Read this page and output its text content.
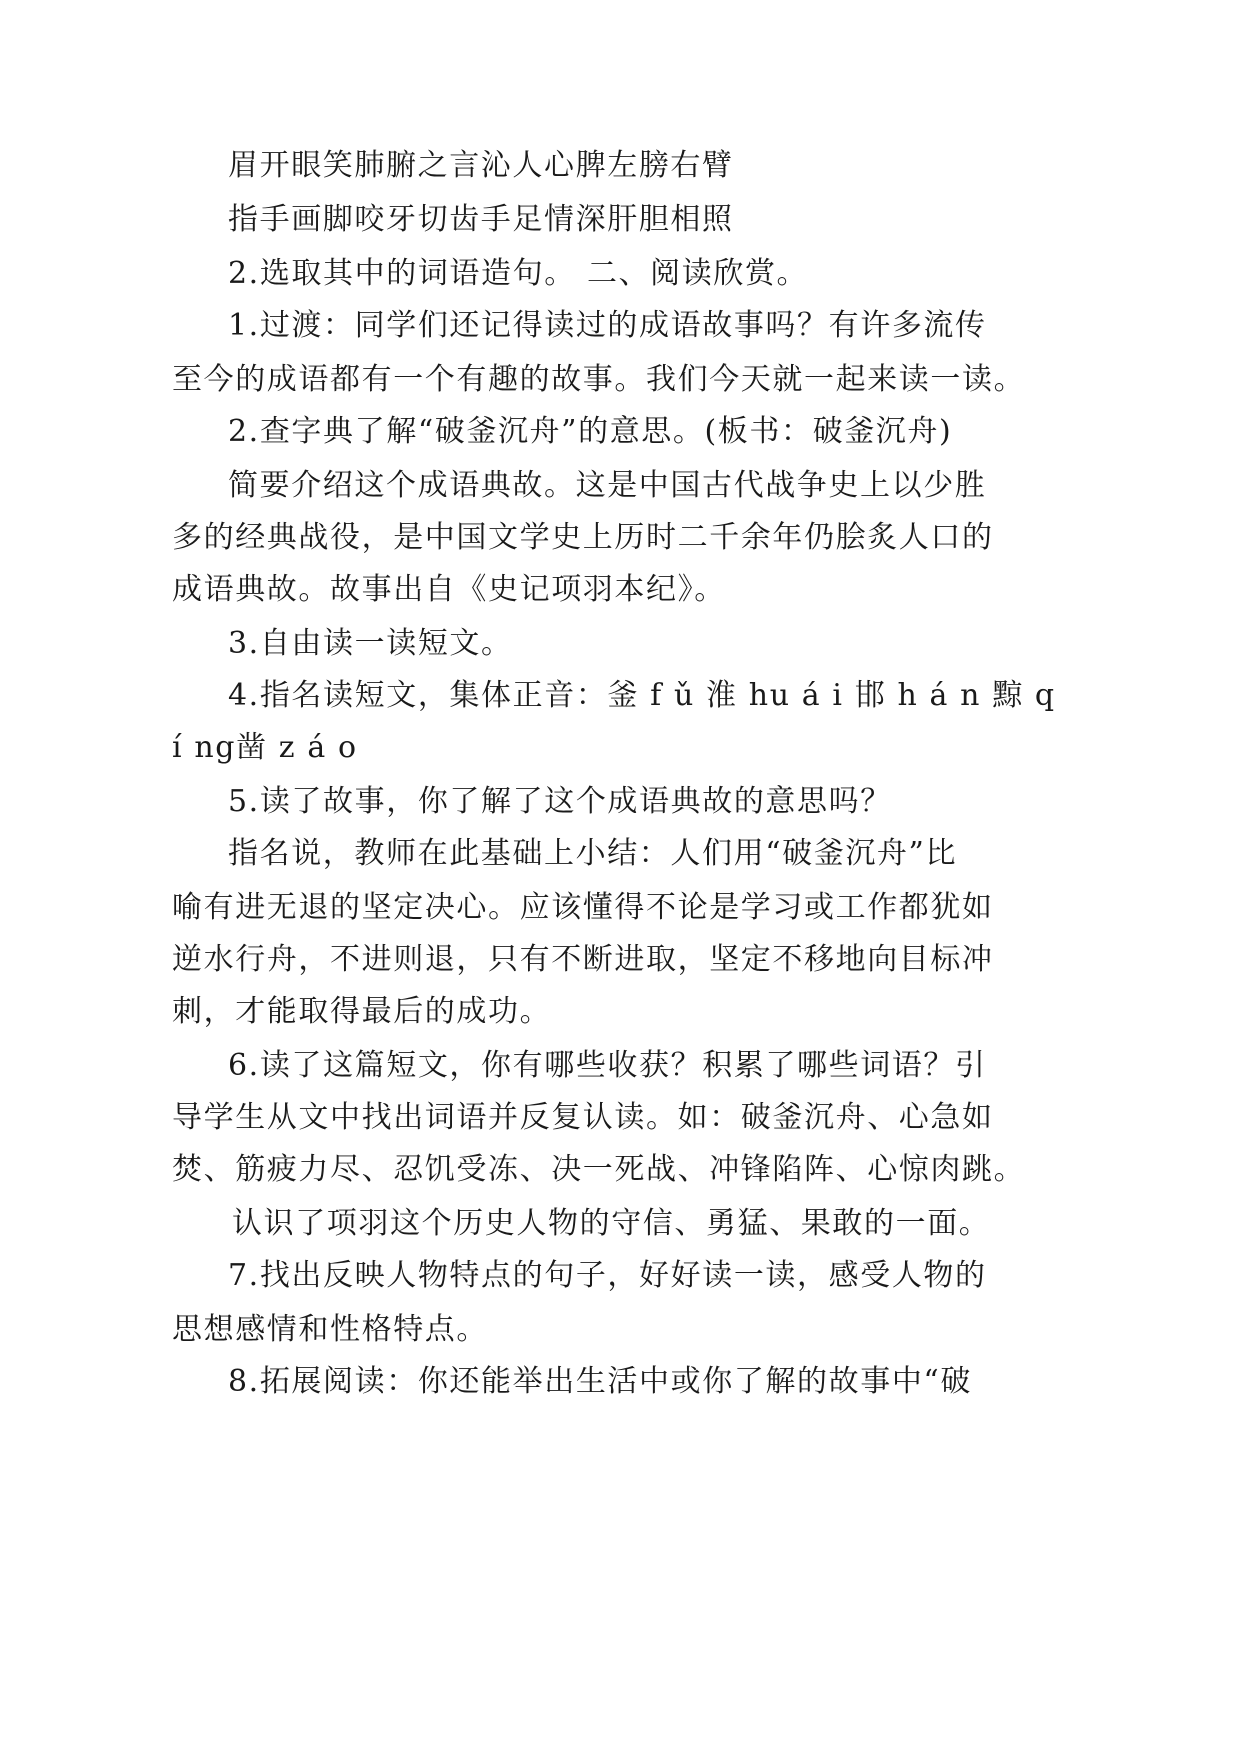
眉开眼笑肺腑之言沁人心脾左膀右臂
指手画脚咬牙切齿手足情深肝胆相照
2.选取其中的词语造句。 二、阅读欣赏。
1.过渡：同学们还记得读过的成语故事吗？有许多流传
至今的成语都有一个有趣的故事。我们今天就一起来读一读。
2.查字典了解“破釜沉舟”的意思。(板书：破釜沉舟)
简要介绍这个成语典故。这是中国古代战争史上以少胜
多的经典战役，是中国文学史上历时二千余年仍脍炙人口的
成语典故。故事出自《史记项羽本纪》。
3.自由读一读短文。
4.指名读短文，集体正音：釜 f ǔ 淮 hu á i 邯 h á n 黥 q
í ng凿 z á o
5.读了故事，你了解了这个成语典故的意思吗？
指名说，教师在此基础上小结：人们用“破釜沉舟”比
喻有进无退的坚定决心。应该懂得不论是学习或工作都犹如
逆水行舟，不进则退，只有不断进取，坚定不移地向目标冲
刺，才能取得最后的成功。
6.读了这篇短文，你有哪些收获？积累了哪些词语？引
导学生从文中找出词语并反复认读。如：破釜沉舟、心急如
焚、筋疲力尽、忍饥受冻、决一死战、冲锋陷阵、心惊肉跳。
认识了项羽这个历史人物的守信、勇猛、果敢的一面。
7.找出反映人物特点的句子，好好读一读，感受人物的
思想感情和性格特点。
8.拓展阅读：你还能举出生活中或你了解的故事中“破
